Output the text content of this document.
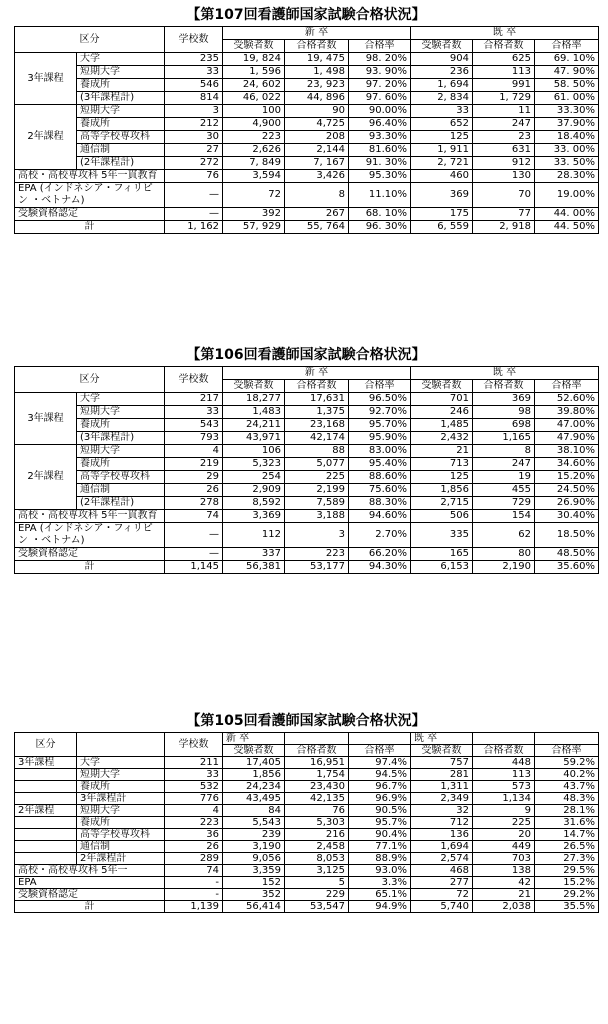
【第107回看護師国家試験合格状況】
区分		学校数	新 卒			既 卒		
			受験者数	合格者数	合格率	受験者数	合格者数	合格率
3年課程	大学	235	19, 824	19, 475	98. 20%	904	625	69. 10%
	短期大学	33	1, 596	1, 498	93. 90%	236	113	47. 90%
	養成所	546	24, 602	23, 923	97. 20%	1, 694	991	58. 50%
	(3年課程計)	814	46, 022	44, 896	97. 60%	2, 834	1, 729	61. 00%
2年課程	短期大学	3	100	90	90.00%	33	11	33.30%
	養成所	212	4,900	4,725	96.40%	652	247	37.90%
	高等学校専攻科	30	223	208	93.30%	125	23	18.40%
	通信制	27	2,626	2,144	81.60%	1, 911	631	33. 00%
	(2年課程計)	272	7, 849	7, 167	91. 30%	2, 721	912	33. 50%
高校・高校専攻科 5年一貫教育		76	3,594	3,426	95.30%	460	130	28.30%
EPA (インドネシア・フィリピン ・ベトナム)		—	72	8	11.10%	369	70	19.00%
受験資格認定		—	392	267	68. 10%	175	77	44. 00%
計		1, 162	57, 929	55, 764	96. 30%	6, 559	2, 918	44. 50%
【第106回看護師国家試験合格状況】
区分		学校数	新 卒			既 卒		
			受験者数	合格者数	合格率	受験者数	合格者数	合格率
3年課程	大学	217	18,277	17,631	96.50%	701	369	52.60%
	短期大学	33	1,483	1,375	92.70%	246	98	39.80%
	養成所	543	24,211	23,168	95.70%	1,485	698	47.00%
	(3年課程計)	793	43,971	42,174	95.90%	2,432	1,165	47.90%
2年課程	短期大学	4	106	88	83.00%	21	8	38.10%
	養成所	219	5,323	5,077	95.40%	713	247	34.60%
	高等学校専攻科	29	254	225	88.60%	125	19	15.20%
	通信制	26	2,909	2,199	75.60%	1,856	455	24.50%
	(2年課程計)	278	8,592	7,589	88.30%	2,715	729	26.90%
高校・高校専攻科 5年一貫教育		74	3,369	3,188	94.60%	506	154	30.40%
EPA (インドネシア・フィリピン ・ベトナム)		—	112	3	2.70%	335	62	18.50%
受験資格認定		—	337	223	66.20%	165	80	48.50%
計		1,145	56,381	53,177	94.30%	6,153	2,190	35.60%
【第105回看護師国家試験合格状況】
区分		学校数	新 卒			既 卒		
			受験者数	合格者数	合格率	受験者数	合格者数	合格率
3年課程	大学	211	17,405	16,951	97.4%	757	448	59.2%
	短期大学	33	1,856	1,754	94.5%	281	113	40.2%
	養成所	532	24,234	23,430	96.7%	1,311	573	43.7%
	3年課程計	776	43,495	42,135	96.9%	2,349	1,134	48.3%
2年課程	短期大学	4	84	76	90.5%	32	9	28.1%
	養成所	223	5,543	5,303	95.7%	712	225	31.6%
	高等学校専攻科	36	239	216	90.4%	136	20	14.7%
	通信制	26	3,190	2,458	77.1%	1,694	449	26.5%
	2年課程計	289	9,056	8,053	88.9%	2,574	703	27.3%
高校・高校専攻科 5年一		74	3,359	3,125	93.0%	468	138	29.5%
EPA		-	152	5	3.3%	277	42	15.2%
受験資格認定		-	352	229	65.1%	72	21	29.2%
計		1,139	56,414	53,547	94.9%	5,740	2,038	35.5%
